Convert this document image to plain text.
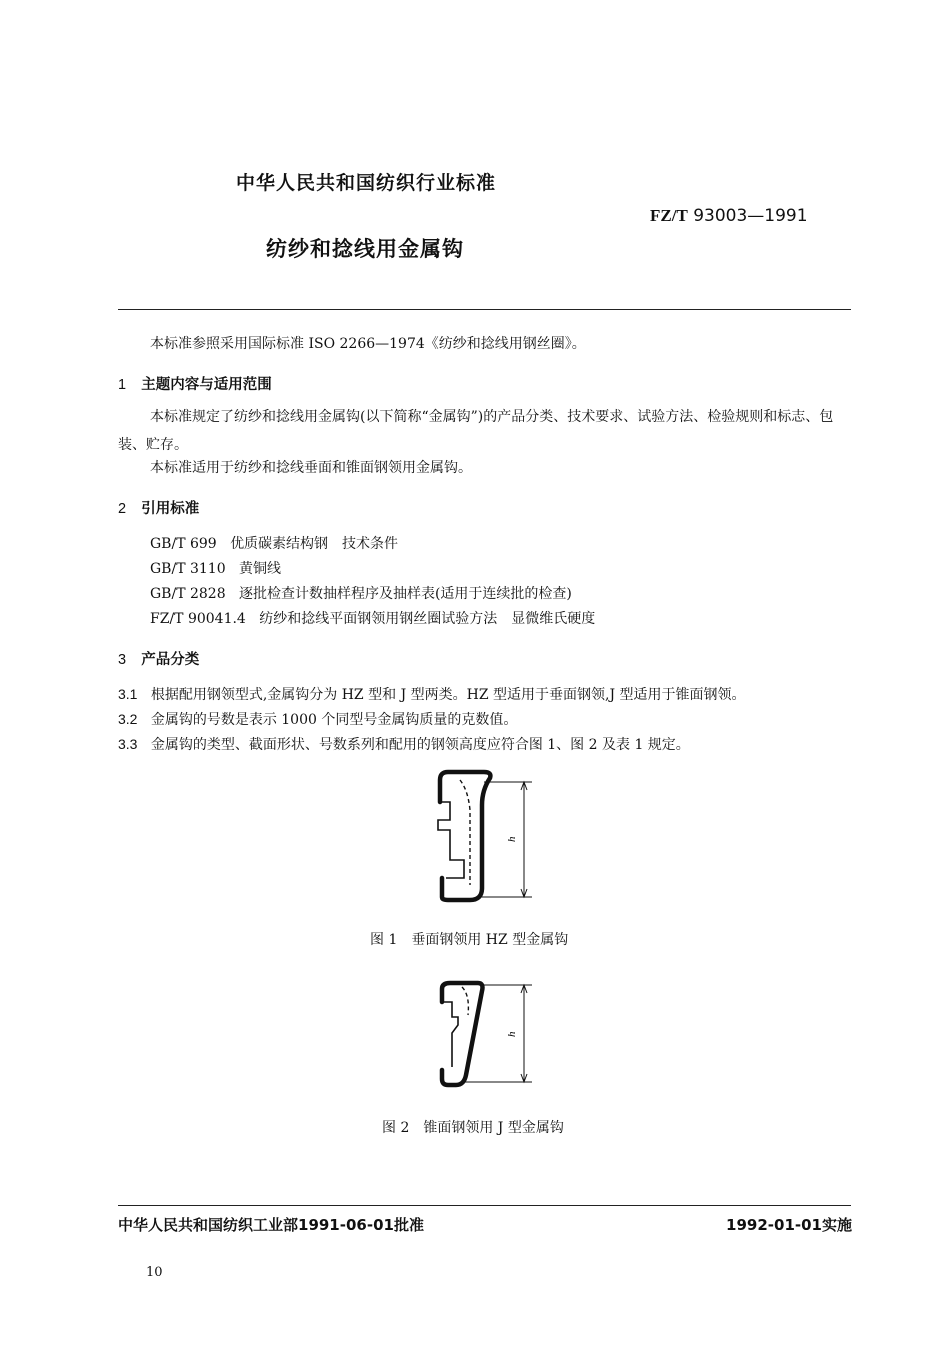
中华人民共和国纺织行业标准
FZ/T 93003—1991
纺纱和捻线用金属钩
本标准参照采用国际标准 ISO 2266—1974《纺纱和捻线用钢丝圈》。
1 主题内容与适用范围
本标准规定了纺纱和捻线用金属钩(以下简称“金属钩”)的产品分类、技术要求、试验方法、检验规则和标志、包装、贮存。
本标准适用于纺纱和捻线垂面和锥面钢领用金属钩。
2 引用标准
GB/T 699 优质碳素结构钢　技术条件
GB/T 3110 黄铜线
GB/T 2828 逐批检查计数抽样程序及抽样表(适用于连续批的检查)
FZ/T 90041.4 纺纱和捻线平面钢领用钢丝圈试验方法　显微维氏硬度
3 产品分类
3.1 根据配用钢领型式,金属钩分为 HZ 型和 J 型两类。HZ 型适用于垂面钢领,J 型适用于锥面钢领。
3.2 金属钩的号数是表示 1000 个同型号金属钩质量的克数值。
3.3 金属钩的类型、截面形状、号数系列和配用的钢领高度应符合图 1、图 2 及表 1 规定。
h
图 1　垂面钢领用 HZ 型金属钩
h
图 2　锥面钢领用 J 型金属钩
中华人民共和国纺织工业部1991-06-01批准	1992-01-01实施
10
